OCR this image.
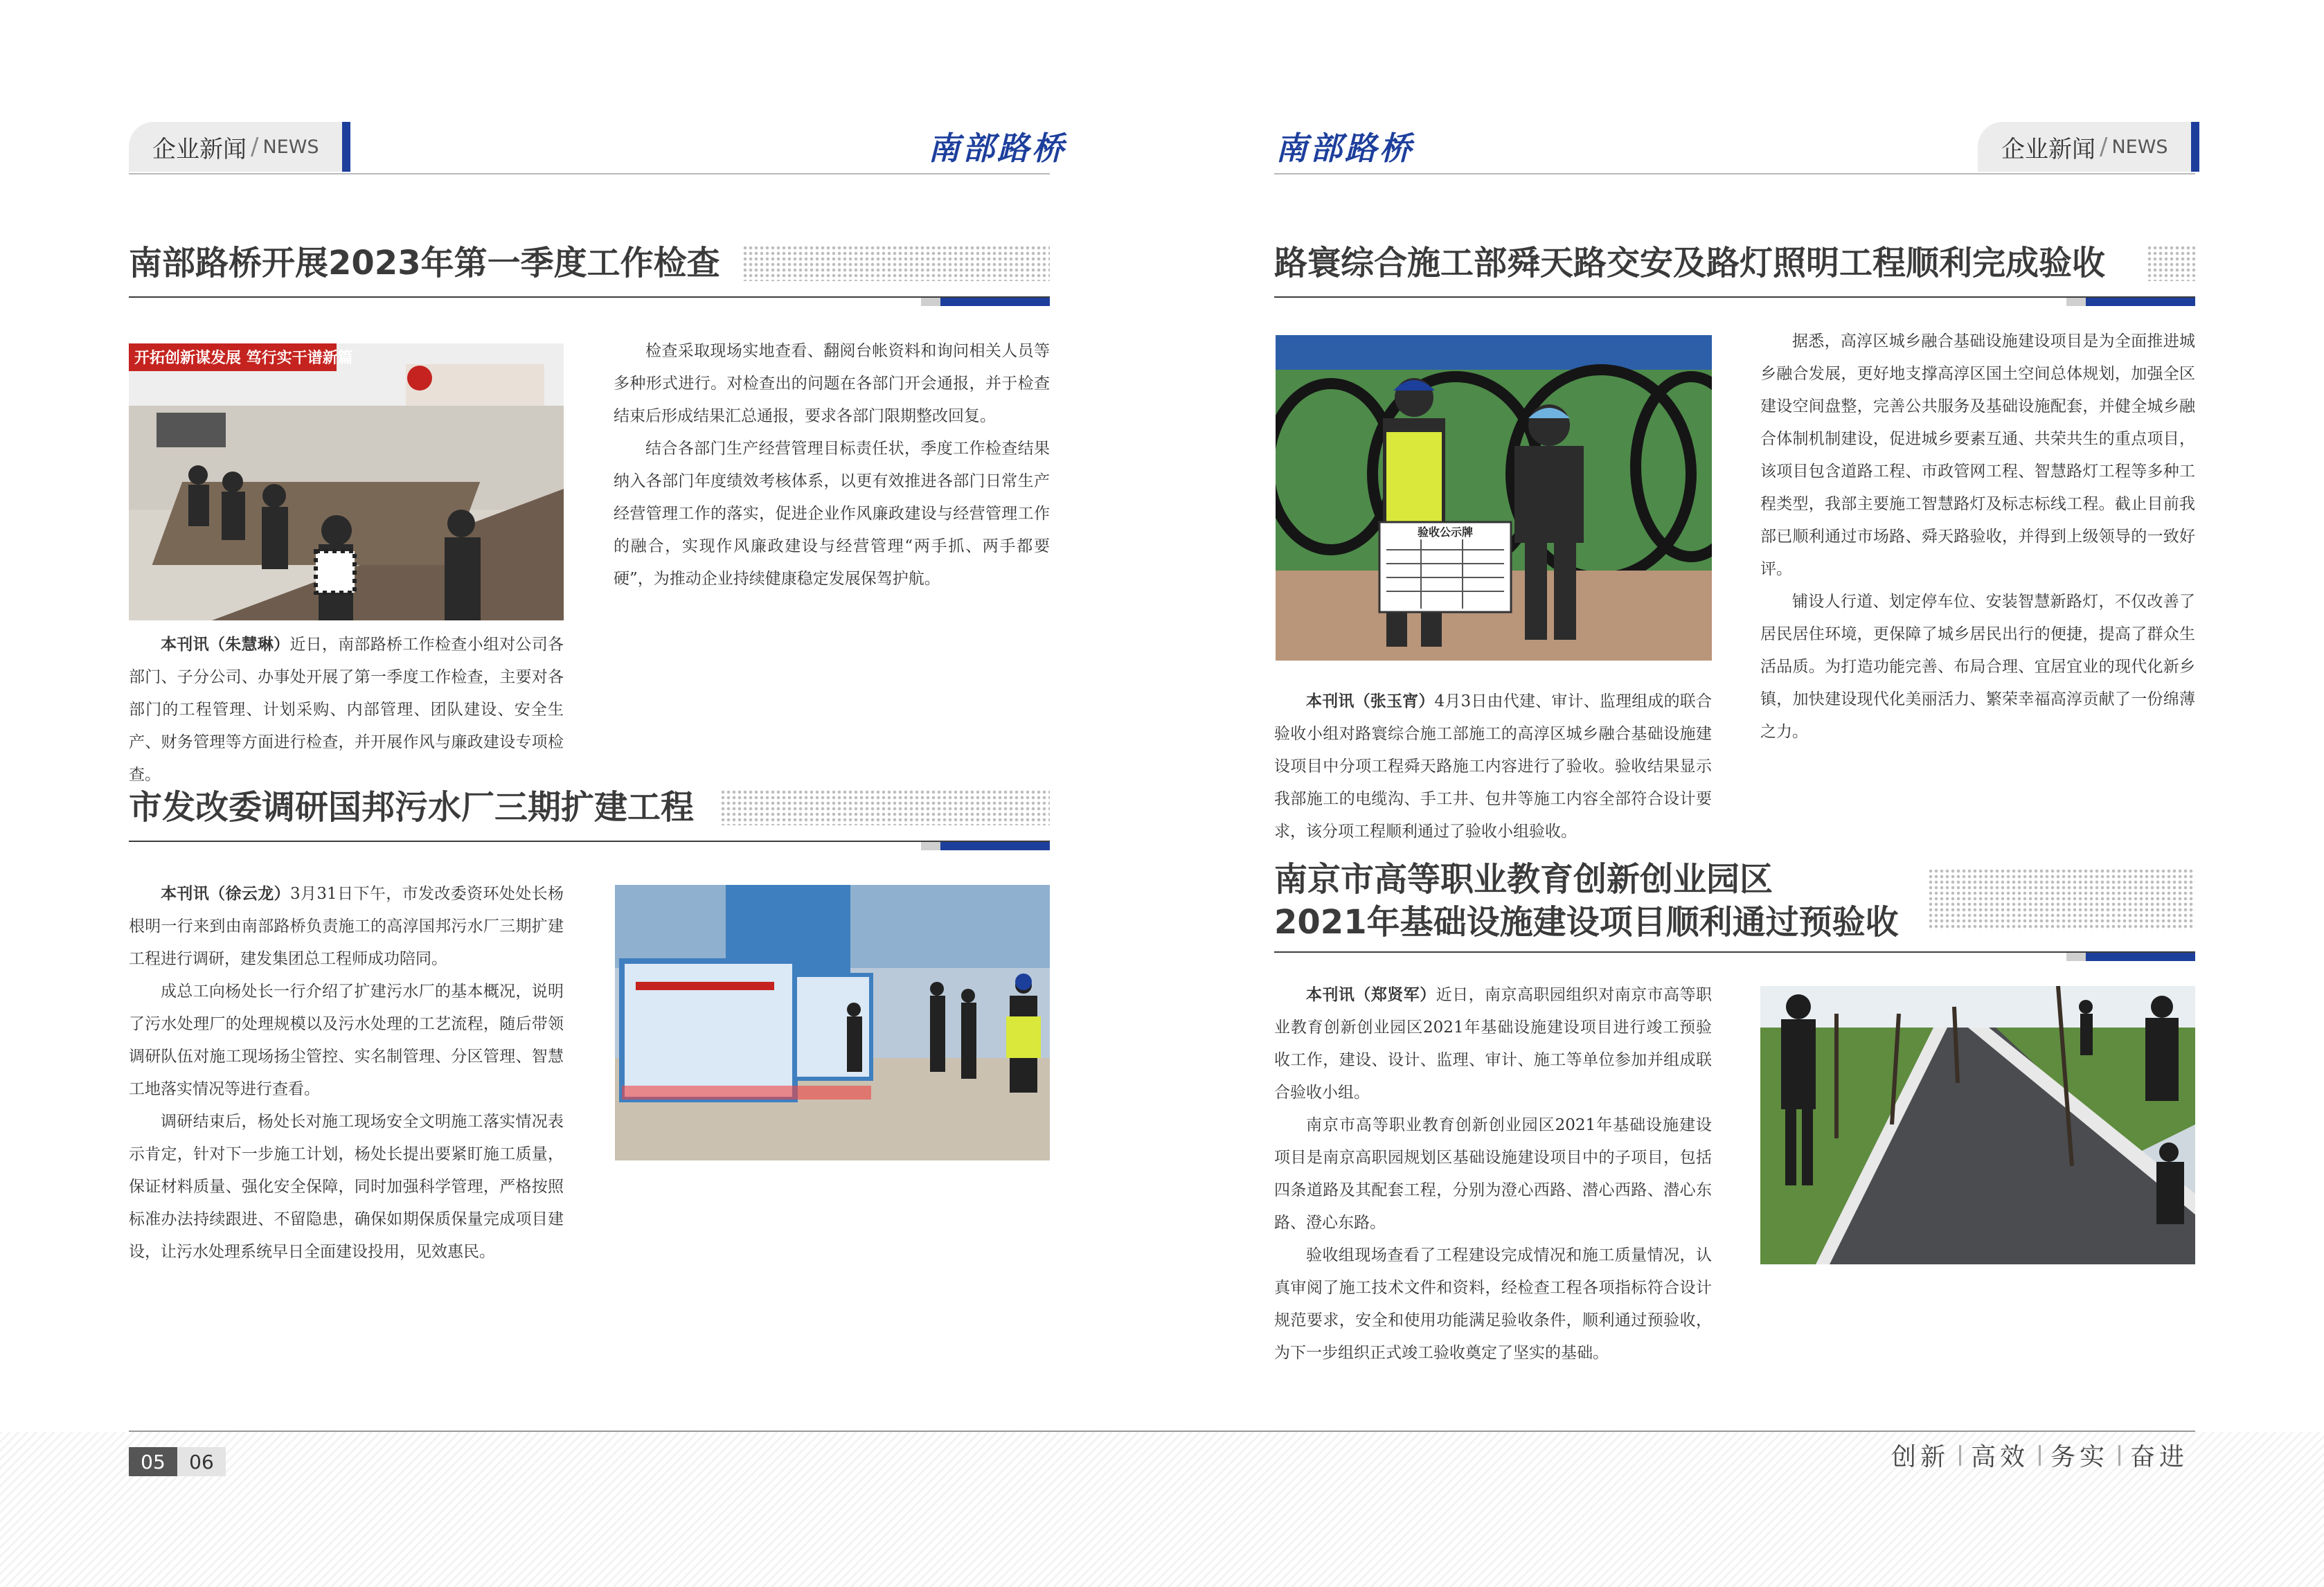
企业新闻 / NEWS	南部路桥	南部路桥	企业新闻 / NEWS
南部路桥开展2023年第一季度工作检查
开拓创新谋发展 笃行实干谱新篇

本刊讯（朱慧琳）近日，南部路桥工作检查小组对公司各部门、子分公司、办事处开展了第一季度工作检查，主要对各部门的工程管理、计划采购、内部管理、团队建设、安全生产、财务管理等方面进行检查，并开展作风与廉政建设专项检查。

检查采取现场实地查看、翻阅台帐资料和询问相关人员等多种形式进行。对检查出的问题在各部门开会通报，并于检查结束后形成结果汇总通报，要求各部门限期整改回复。

结合各部门生产经营管理目标责任状，季度工作检查结果纳入各部门年度绩效考核体系，以更有效推进各部门日常生产经营管理工作的落实，促进企业作风廉政建设与经营管理工作的融合，实现作风廉政建设与经营管理“两手抓、两手都要硬”，为推动企业持续健康稳定发展保驾护航。

市发改委调研国邦污水厂三期扩建工程

本刊讯（徐云龙）3月31日下午，市发改委资环处处长杨根明一行来到由南部路桥负责施工的高淳国邦污水厂三期扩建工程进行调研，建发集团总工程师成功陪同。

成总工向杨处长一行介绍了扩建污水厂的基本概况，说明了污水处理厂的处理规模以及污水处理的工艺流程，随后带领调研队伍对施工现场扬尘管控、实名制管理、分区管理、智慧工地落实情况等进行查看。

调研结束后，杨处长对施工现场安全文明施工落实情况表示肯定，针对下一步施工计划，杨处长提出要紧盯施工质量，保证材料质量、强化安全保障，同时加强科学管理，严格按照标准办法持续跟进、不留隐患，确保如期保质保量完成项目建设，让污水处理系统早日全面建设投用，见效惠民。

路寰综合施工部舜天路交安及路灯照明工程顺利完成验收
验收公示牌

本刊讯（张玉宵）4月3日由代建、审计、监理组成的联合验收小组对路寰综合施工部施工的高淳区城乡融合基础设施建设项目中分项工程舜天路施工内容进行了验收。验收结果显示我部施工的电缆沟、手工井、包井等施工内容全部符合设计要求，该分项工程顺利通过了验收小组验收。

据悉，高淳区城乡融合基础设施建设项目是为全面推进城乡融合发展，更好地支撑高淳区国土空间总体规划，加强全区建设空间盘整，完善公共服务及基础设施配套，并健全城乡融合体制机制建设，促进城乡要素互通、共荣共生的重点项目，该项目包含道路工程、市政管网工程、智慧路灯工程等多种工程类型，我部主要施工智慧路灯及标志标线工程。截止目前我部已顺利通过市场路、舜天路验收，并得到上级领导的一致好评。

铺设人行道、划定停车位、安装智慧新路灯，不仅改善了居民居住环境，更保障了城乡居民出行的便捷，提高了群众生活品质。为打造功能完善、布局合理、宜居宜业的现代化新乡镇，加快建设现代化美丽活力、繁荣幸福高淳贡献了一份绵薄之力。

南京市高等职业教育创新创业园区
2021年基础设施建设项目顺利通过预验收

本刊讯（郑贤军）近日，南京高职园组织对南京市高等职业教育创新创业园区2021年基础设施建设项目进行竣工预验收工作，建设、设计、监理、审计、施工等单位参加并组成联合验收小组。

南京市高等职业教育创新创业园区2021年基础设施建设项目是南京高职园规划区基础设施建设项目中的子项目，包括四条道路及其配套工程，分别为澄心西路、潜心西路、潜心东路、澄心东路。

验收组现场查看了工程建设完成情况和施工质量情况，认真审阅了施工技术文件和资料，经检查工程各项指标符合设计规范要求，安全和使用功能满足验收条件，顺利通过预验收，为下一步组织正式竣工验收奠定了坚实的基础。

05	06	创新 高效 务实 奋进
